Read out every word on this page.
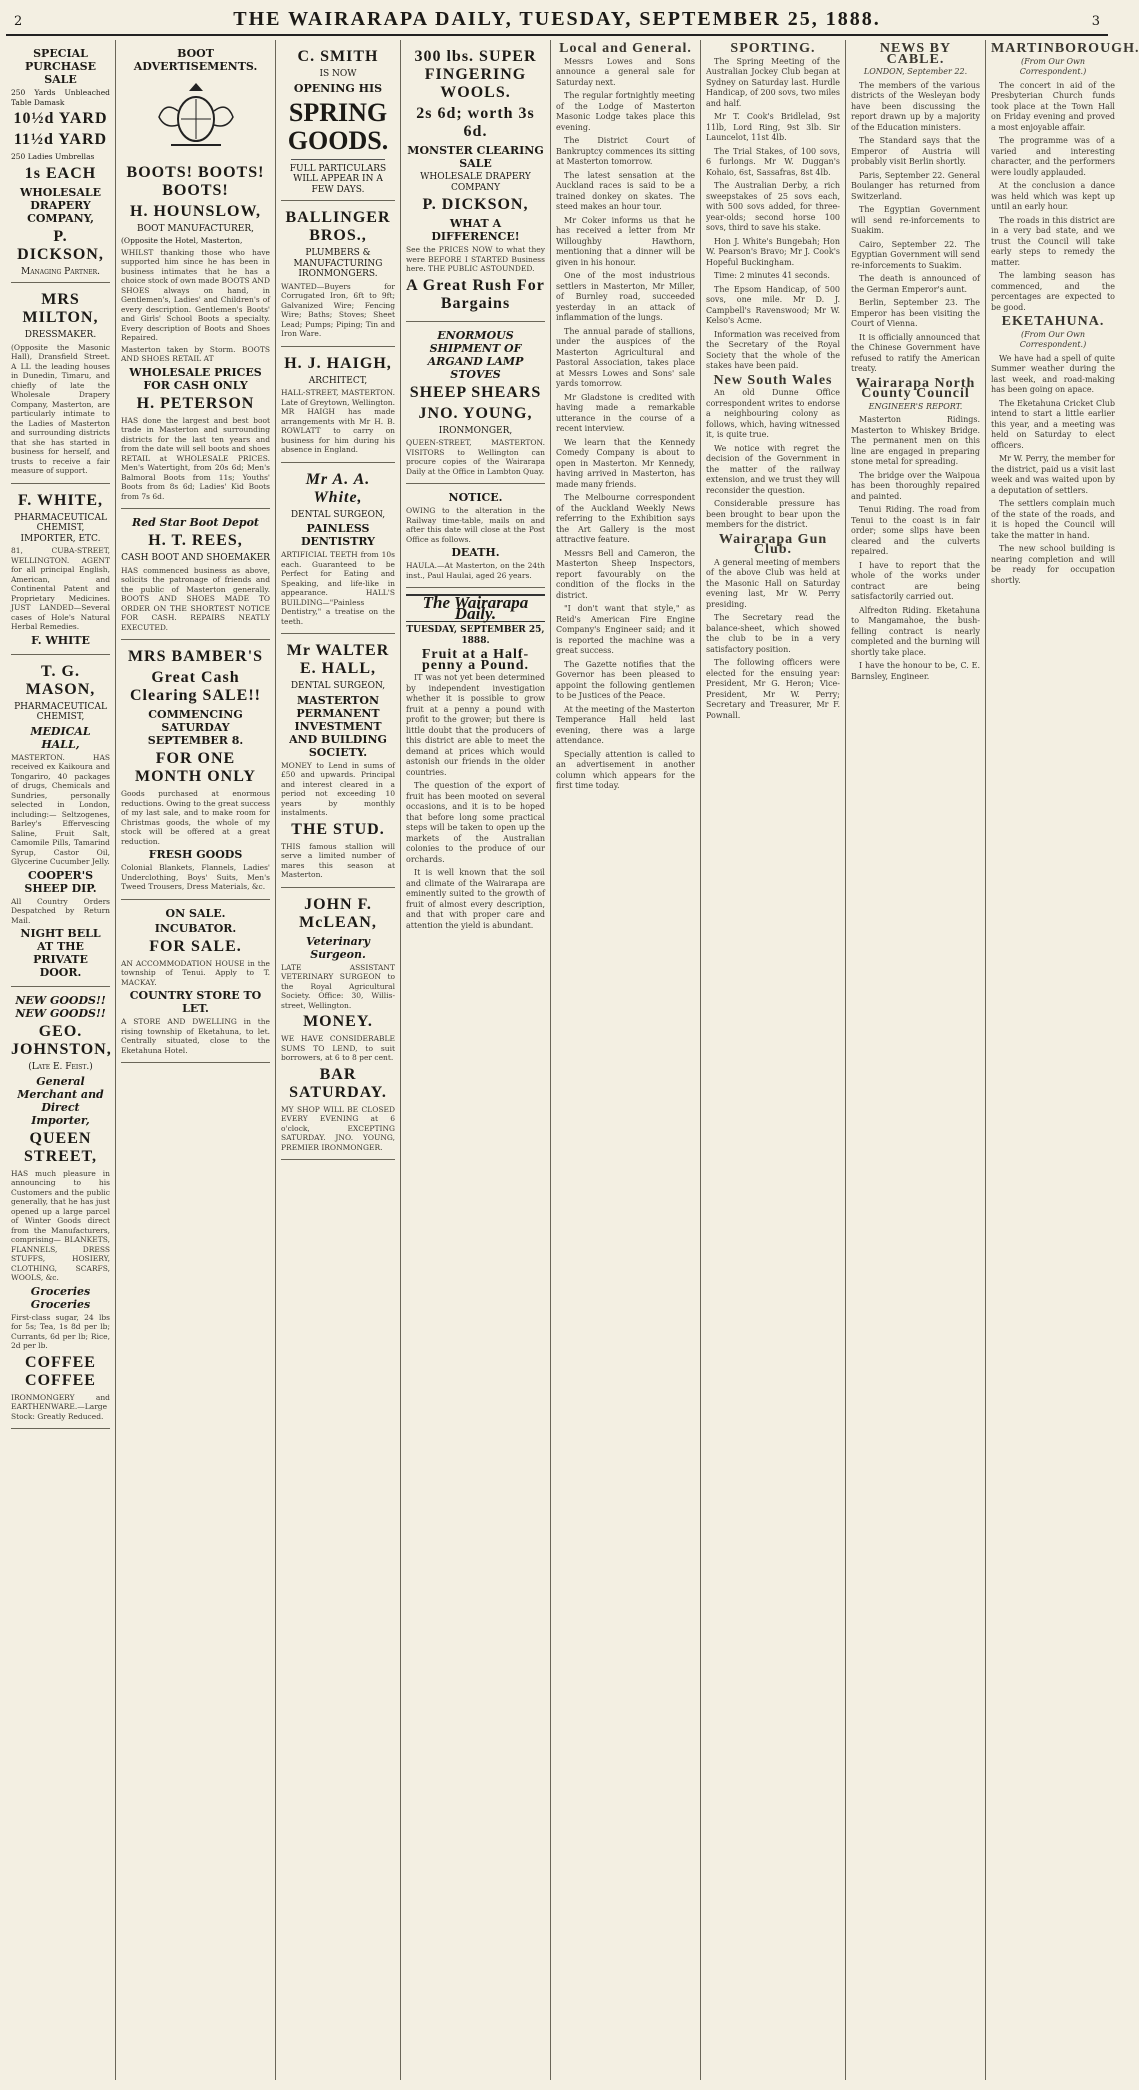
2	THE WAIRARAPA DAILY, TUESDAY, SEPTEMBER 25, 1888.	3
SPECIAL PURCHASE SALE
250 Yards Unbleached Table Damask
10½d YARD
11½d YARD
250 Ladies Umbrellas
1s EACH
WHOLESALE DRAPERY COMPANY,
P. DICKSON,
Managing Partner.
MRS MILTON,
DRESSMAKER.
(Opposite the Masonic Hall), Dransfield Street. A LL the leading houses in Dunedin, Timaru, and chiefly of late the Wholesale Drapery Company, Masterton, are particularly intimate to the Ladies of Masterton and surrounding districts that she has started in business for herself, and trusts to receive a fair measure of support.
F. WHITE,
PHARMACEUTICAL CHEMIST,
IMPORTER, ETC.
81, CUBA-STREET, WELLINGTON. AGENT for all principal English, American, and Continental Patent and Proprietary Medicines. JUST LANDED—Several cases of Hole's Natural Herbal Remedies.
F. WHITE
T. G. MASON,
PHARMACEUTICAL CHEMIST,
MEDICAL HALL,
MASTERTON. HAS received ex Kaikoura and Tongariro, 40 packages of drugs, Chemicals and Sundries, personally selected in London, including:— Seltzogenes, Barley's Effervescing Saline, Fruit Salt, Camomile Pills, Tamarind Syrup, Castor Oil, Glycerine Cucumber Jelly.
COOPER'S SHEEP DIP.
All Country Orders Despatched by Return Mail.
NIGHT BELL AT THE PRIVATE DOOR.
NEW GOODS!! NEW GOODS!!
GEO. JOHNSTON,
(Late E. Feist.)
General Merchant and Direct Importer,
QUEEN STREET,
HAS much pleasure in announcing to his Customers and the public generally, that he has just opened up a large parcel of Winter Goods direct from the Manufacturers, comprising— BLANKETS, FLANNELS, DRESS STUFFS, HOSIERY, CLOTHING, SCARFS, WOOLS, &c.
Groceries Groceries
First-class sugar, 24 lbs for 5s; Tea, 1s 8d per lb; Currants, 6d per lb; Rice, 2d per lb.
COFFEE COFFEE
IRONMONGERY and EARTHENWARE.—Large Stock: Greatly Reduced.
BOOT ADVERTISEMENTS.
BOOTS! BOOTS! BOOTS!
H. HOUNSLOW,
BOOT MANUFACTURER,
(Opposite the Hotel, Masterton,
WHILST thanking those who have supported him since he has been in business intimates that he has a choice stock of own made BOOTS AND SHOES always on hand, in Gentlemen's, Ladies' and Children's of every description. Gentlemen's Boots' and Girls' School Boots a specialty. Every description of Boots and Shoes Repaired.
Masterton taken by Storm. BOOTS AND SHOES RETAIL AT
WHOLESALE PRICES FOR CASH ONLY
H. PETERSON
HAS done the largest and best boot trade in Masterton and surrounding districts for the last ten years and from the date will sell boots and shoes RETAIL at WHOLESALE PRICES. Men's Watertight, from 20s 6d; Men's Balmoral Boots from 11s; Youths' Boots from 8s 6d; Ladies' Kid Boots from 7s 6d.
Red Star Boot Depot
H. T. REES,
CASH BOOT AND SHOEMAKER
HAS commenced business as above, solicits the patronage of friends and the public of Masterton generally. BOOTS AND SHOES MADE TO ORDER ON THE SHORTEST NOTICE FOR CASH. REPAIRS NEATLY EXECUTED.
MRS BAMBER'S
Great Cash Clearing SALE!!
COMMENCING SATURDAY SEPTEMBER 8.
FOR ONE MONTH ONLY
Goods purchased at enormous reductions. Owing to the great success of my last sale, and to make room for Christmas goods, the whole of my stock will be offered at a great reduction.
FRESH GOODS
Colonial Blankets, Flannels, Ladies' Underclothing, Boys' Suits, Men's Tweed Trousers, Dress Materials, &c.
ON SALE.
INCUBATOR.
FOR SALE.
AN ACCOMMODATION HOUSE in the township of Tenui. Apply to T. MACKAY.
COUNTRY STORE TO LET.
A STORE AND DWELLING in the rising township of Eketahuna, to let. Centrally situated, close to the Eketahuna Hotel.
C. SMITH
IS NOW
OPENING HIS
SPRING GOODS.
FULL PARTICULARS WILL APPEAR IN A FEW DAYS.
BALLINGER BROS.,
PLUMBERS & MANUFACTURING IRONMONGERS.
WANTED—Buyers for Corrugated Iron, 6ft to 9ft; Galvanized Wire; Fencing Wire; Baths; Stoves; Sheet Lead; Pumps; Piping; Tin and Iron Ware.
H. J. HAIGH,
ARCHITECT,
HALL-STREET, MASTERTON. Late of Greytown, Wellington. MR HAIGH has made arrangements with Mr H. B. ROWLATT to carry on business for him during his absence in England.
Mr A. A. White,
DENTAL SURGEON,
PAINLESS DENTISTRY
ARTIFICIAL TEETH from 10s each. Guaranteed to be Perfect for Eating and Speaking, and life-like in appearance. HALL'S BUILDING—"Painless Dentistry," a treatise on the teeth.
Mr WALTER E. HALL,
DENTAL SURGEON,
MASTERTON PERMANENT INVESTMENT AND BUILDING SOCIETY.
MONEY to Lend in sums of £50 and upwards. Principal and interest cleared in a period not exceeding 10 years by monthly instalments.
THE STUD.
THIS famous stallion will serve a limited number of mares this season at Masterton.
JOHN F. McLEAN,
Veterinary Surgeon.
LATE ASSISTANT VETERINARY SURGEON to the Royal Agricultural Society. Office: 30, Willis-street, Wellington.
MONEY.
WE HAVE CONSIDERABLE SUMS TO LEND, to suit borrowers, at 6 to 8 per cent.
BAR SATURDAY.
MY SHOP WILL BE CLOSED EVERY EVENING at 6 o'clock, EXCEPTING SATURDAY. JNO. YOUNG, PREMIER IRONMONGER.
300 lbs. SUPER FINGERING WOOLS.
2s 6d; worth 3s 6d.
MONSTER CLEARING SALE
WHOLESALE DRAPERY COMPANY
P. DICKSON,
WHAT A DIFFERENCE!
See the PRICES NOW to what they were BEFORE I STARTED Business here. THE PUBLIC ASTOUNDED.
A Great Rush For Bargains
ENORMOUS SHIPMENT OF ARGAND LAMP STOVES
SHEEP SHEARS
JNO. YOUNG,
IRONMONGER,
QUEEN-STREET, MASTERTON. VISITORS to Wellington can procure copies of the Wairarapa Daily at the Office in Lambton Quay.
NOTICE.
OWING to the alteration in the Railway time-table, mails on and after this date will close at the Post Office as follows.
DEATH.
HAULA.—At Masterton, on the 24th inst., Paul Haulai, aged 26 years.
The Wairarapa Daily.
TUESDAY, SEPTEMBER 25, 1888.
Fruit at a Half-penny a Pound.

IT was not yet been determined by independent investigation whether it is possible to grow fruit at a penny a pound with profit to the grower; but there is little doubt that the producers of this district are able to meet the demand at prices which would astonish our friends in the older countries.

The question of the export of fruit has been mooted on several occasions, and it is to be hoped that before long some practical steps will be taken to open up the markets of the Australian colonies to the produce of our orchards.

It is well known that the soil and climate of the Wairarapa are eminently suited to the growth of fruit of almost every description, and that with proper care and attention the yield is abundant.

Local and General.

Messrs Lowes and Sons announce a general sale for Saturday next.

The regular fortnightly meeting of the Lodge of Masterton Masonic Lodge takes place this evening.

The District Court of Bankruptcy commences its sitting at Masterton tomorrow.

The latest sensation at the Auckland races is said to be a trained donkey on skates. The steed makes an hour tour.

Mr Coker informs us that he has received a letter from Mr Willoughby Hawthorn, mentioning that a dinner will be given in his honour.

One of the most industrious settlers in Masterton, Mr Miller, of Burnley road, succeeded yesterday in an attack of inflammation of the lungs.

The annual parade of stallions, under the auspices of the Masterton Agricultural and Pastoral Association, takes place at Messrs Lowes and Sons' sale yards tomorrow.

Mr Gladstone is credited with having made a remarkable utterance in the course of a recent interview.

We learn that the Kennedy Comedy Company is about to open in Masterton. Mr Kennedy, having arrived in Masterton, has made many friends.

The Melbourne correspondent of the Auckland Weekly News referring to the Exhibition says the Art Gallery is the most attractive feature.

Messrs Bell and Cameron, the Masterton Sheep Inspectors, report favourably on the condition of the flocks in the district.

"I don't want that style," as Reid's American Fire Engine Company's Engineer said; and it is reported the machine was a great success.

The Gazette notifies that the Governor has been pleased to appoint the following gentlemen to be Justices of the Peace.

At the meeting of the Masterton Temperance Hall held last evening, there was a large attendance.

Specially attention is called to an advertisement in another column which appears for the first time today.

SPORTING.

The Spring Meeting of the Australian Jockey Club began at Sydney on Saturday last. Hurdle Handicap, of 200 sovs, two miles and half.

Mr T. Cook's Bridlelad, 9st 11lb, Lord Ring, 9st 3lb. Sir Launcelot, 11st 4lb.

The Trial Stakes, of 100 sovs, 6 furlongs. Mr W. Duggan's Kohaio, 6st, Sassafras, 8st 4lb.

The Australian Derby, a rich sweepstakes of 25 sovs each, with 500 sovs added, for three-year-olds; second horse 100 sovs, third to save his stake.

Hon J. White's Bungebah; Hon W. Pearson's Bravo; Mr J. Cook's Hopeful Buckingham.

Time: 2 minutes 41 seconds.

The Epsom Handicap, of 500 sovs, one mile. Mr D. J. Campbell's Ravenswood; Mr W. Kelso's Acme.

Information was received from the Secretary of the Royal Society that the whole of the stakes have been paid.

New South Wales

An old Dunne Office correspondent writes to endorse a neighbouring colony as follows, which, having witnessed it, is quite true.

We notice with regret the decision of the Government in the matter of the railway extension, and we trust they will reconsider the question.

Considerable pressure has been brought to bear upon the members for the district.

Wairarapa Gun Club.

A general meeting of members of the above Club was held at the Masonic Hall on Saturday evening last, Mr W. Perry presiding.

The Secretary read the balance-sheet, which showed the club to be in a very satisfactory position.

The following officers were elected for the ensuing year: President, Mr G. Heron; Vice-President, Mr W. Perry; Secretary and Treasurer, Mr F. Pownall.

NEWS BY CABLE.
LONDON, September 22.

The members of the various districts of the Wesleyan body have been discussing the report drawn up by a majority of the Education ministers.

The Standard says that the Emperor of Austria will probably visit Berlin shortly.

Paris, September 22. General Boulanger has returned from Switzerland.

The Egyptian Government will send re-inforcements to Suakim.

Cairo, September 22. The Egyptian Government will send re-inforcements to Suakim.

The death is announced of the German Emperor's aunt.

Berlin, September 23. The Emperor has been visiting the Court of Vienna.

It is officially announced that the Chinese Government have refused to ratify the American treaty.

Wairarapa North County Council
ENGINEER'S REPORT.

Masterton Ridings. Masterton to Whiskey Bridge. The permanent men on this line are engaged in preparing stone metal for spreading.

The bridge over the Waipoua has been thoroughly repaired and painted.

Tenui Riding. The road from Tenui to the coast is in fair order; some slips have been cleared and the culverts repaired.

I have to report that the whole of the works under contract are being satisfactorily carried out.

Alfredton Riding. Eketahuna to Mangamahoe, the bush-felling contract is nearly completed and the burning will shortly take place.

I have the honour to be, C. E. Barnsley, Engineer.

MARTINBOROUGH.
(From Our Own Correspondent.)

The concert in aid of the Presbyterian Church funds took place at the Town Hall on Friday evening and proved a most enjoyable affair.

The programme was of a varied and interesting character, and the performers were loudly applauded.

At the conclusion a dance was held which was kept up until an early hour.

The roads in this district are in a very bad state, and we trust the Council will take early steps to remedy the matter.

The lambing season has commenced, and the percentages are expected to be good.

EKETAHUNA.
(From Our Own Correspondent.)

We have had a spell of quite Summer weather during the last week, and road-making has been going on apace.

The Eketahuna Cricket Club intend to start a little earlier this year, and a meeting was held on Saturday to elect officers.

Mr W. Perry, the member for the district, paid us a visit last week and was waited upon by a deputation of settlers.

The settlers complain much of the state of the roads, and it is hoped the Council will take the matter in hand.

The new school building is nearing completion and will be ready for occupation shortly.
